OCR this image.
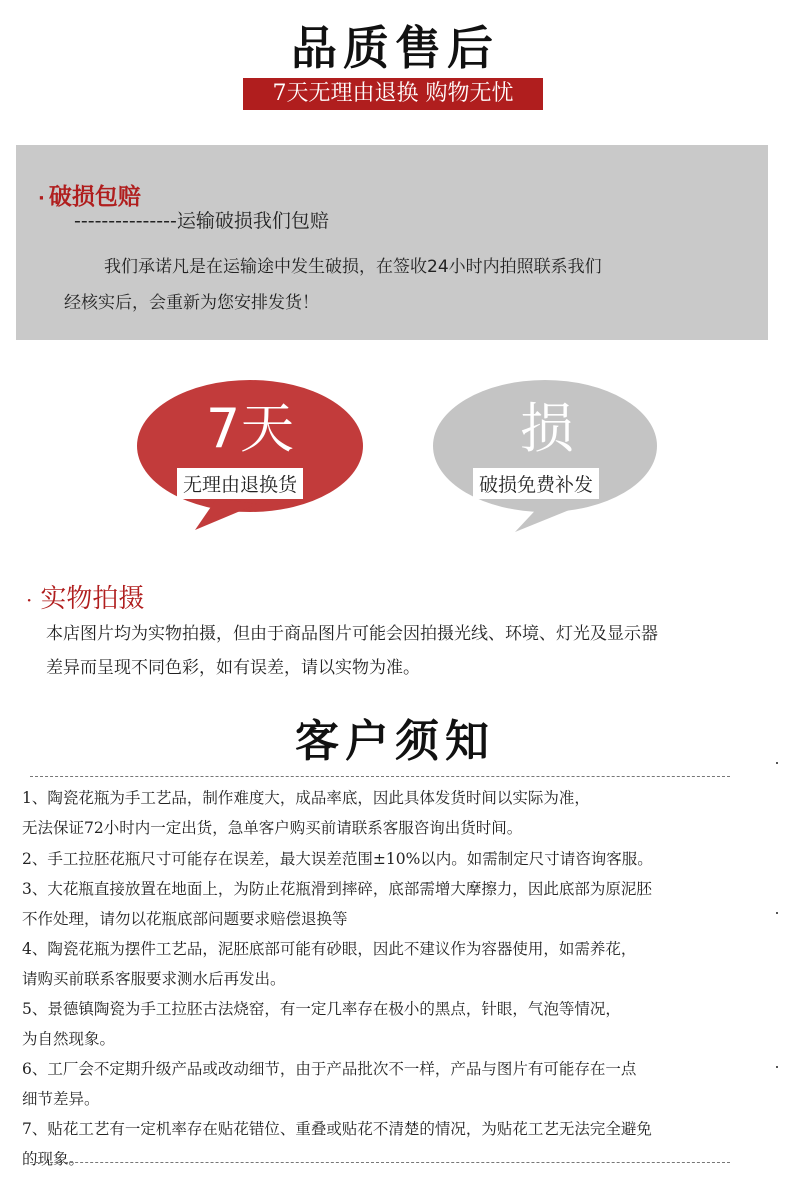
品质售后
7天无理由退换 购物无忧
· 破损包赔
---------------运输破损我们包赔
我们承诺凡是在运输途中发生破损，在签收24小时内拍照联系我们
经核实后，会重新为您安排发货！
7天
无理由退换货
损
破损免费补发
· 实物拍摄
本店图片均为实物拍摄，但由于商品图片可能会因拍摄光线、环境、灯光及显示器
差异而呈现不同色彩，如有误差，请以实物为准。
客户须知
1、陶瓷花瓶为手工艺品，制作难度大，成品率底，因此具体发货时间以实际为准，
无法保证72小时内一定出货，急单客户购买前请联系客服咨询出货时间。
2、手工拉胚花瓶尺寸可能存在误差，最大误差范围±10%以内。如需制定尺寸请咨询客服。
3、大花瓶直接放置在地面上，为防止花瓶滑到摔碎，底部需增大摩擦力，因此底部为原泥胚
不作处理，请勿以花瓶底部问题要求赔偿退换等
4、陶瓷花瓶为摆件工艺品，泥胚底部可能有砂眼，因此不建议作为容器使用，如需养花，
请购买前联系客服要求测水后再发出。
5、景德镇陶瓷为手工拉胚古法烧窑，有一定几率存在极小的黑点，针眼，气泡等情况，
为自然现象。
6、工厂会不定期升级产品或改动细节，由于产品批次不一样，产品与图片有可能存在一点
细节差异。
7、贴花工艺有一定机率存在贴花错位、重叠或贴花不清楚的情况，为贴花工艺无法完全避免
的现象。
